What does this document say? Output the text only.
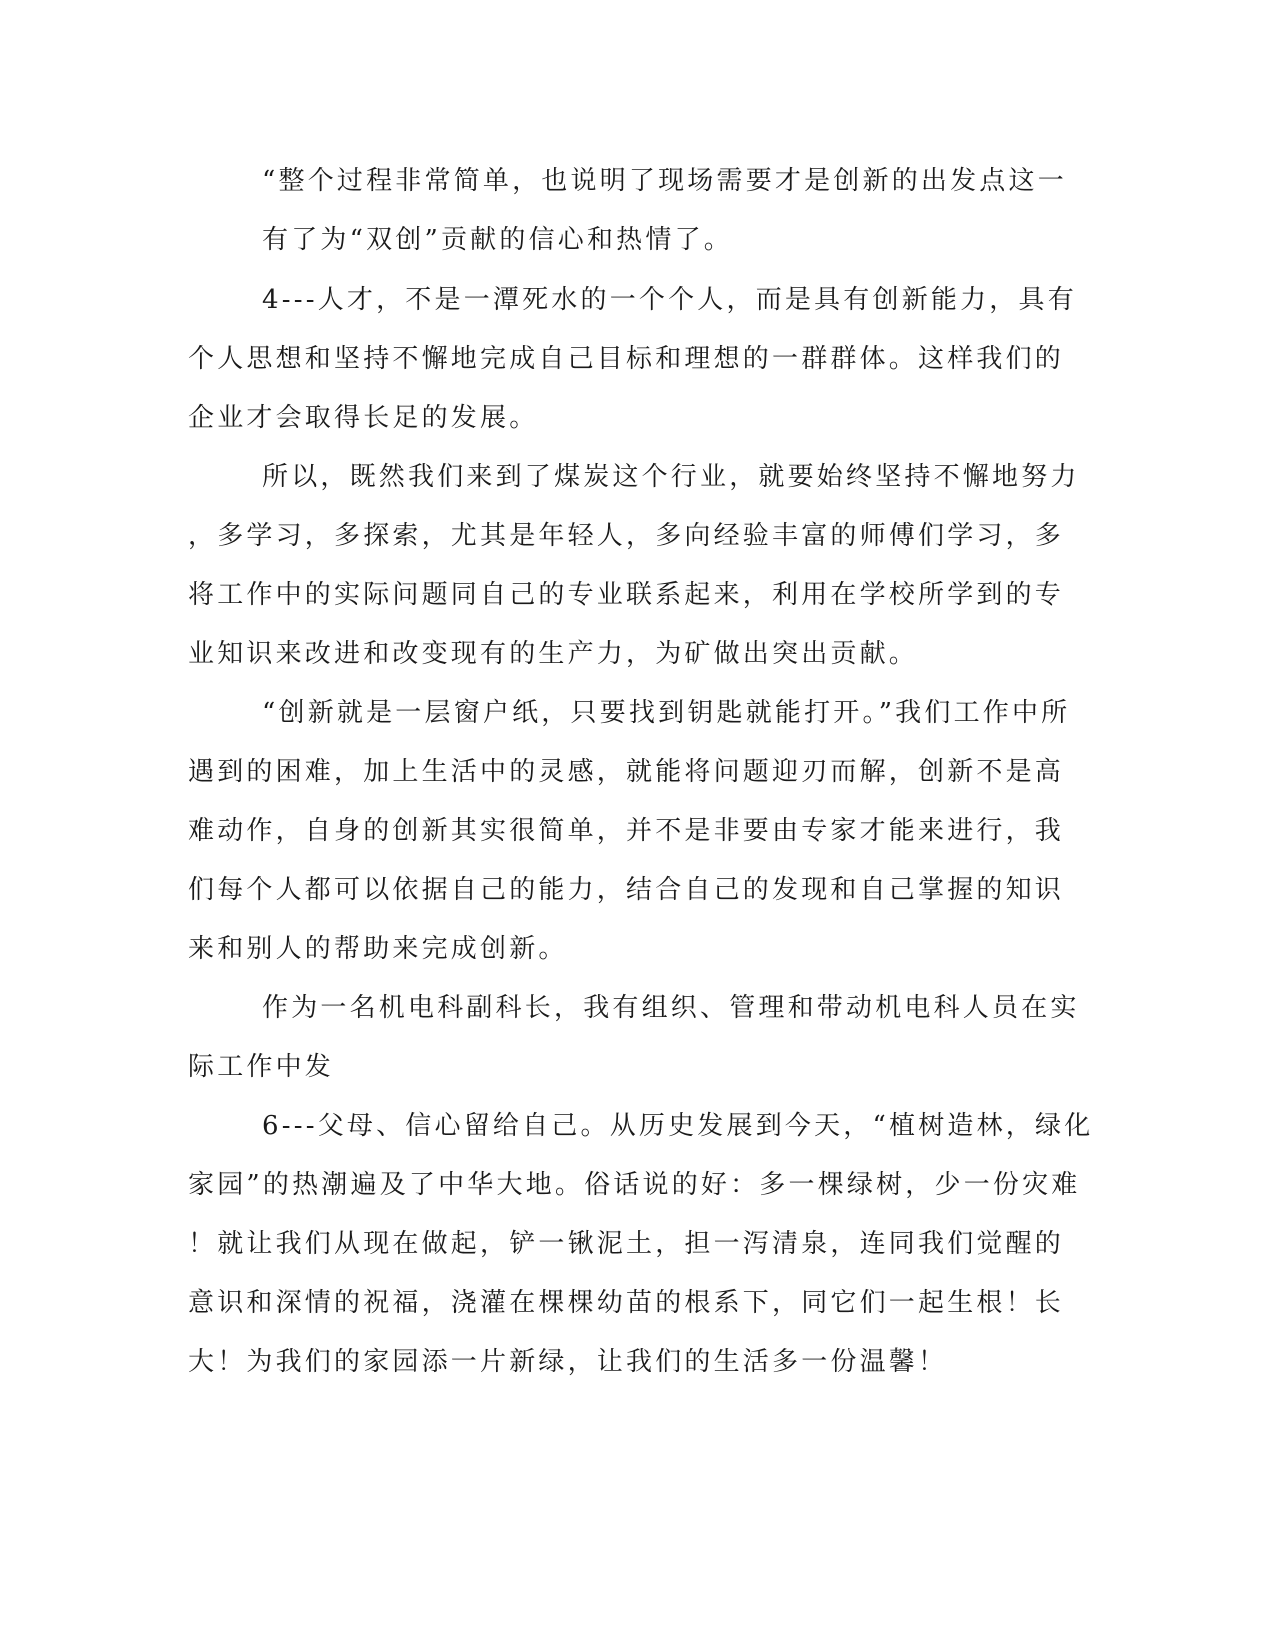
“整个过程非常简单，也说明了现场需要才是创新的出发点这一
有了为“双创”贡献的信心和热情了。
4---人才，不是一潭死水的一个个人，而是具有创新能力，具有
个人思想和坚持不懈地完成自己目标和理想的一群群体。这样我们的
企业才会取得长足的发展。
所以，既然我们来到了煤炭这个行业，就要始终坚持不懈地努力
，多学习，多探索，尤其是年轻人，多向经验丰富的师傅们学习，多
将工作中的实际问题同自己的专业联系起来，利用在学校所学到的专
业知识来改进和改变现有的生产力，为矿做出突出贡献。
“创新就是一层窗户纸，只要找到钥匙就能打开。”我们工作中所
遇到的困难，加上生活中的灵感，就能将问题迎刃而解，创新不是高
难动作，自身的创新其实很简单，并不是非要由专家才能来进行，我
们每个人都可以依据自己的能力，结合自己的发现和自己掌握的知识
来和别人的帮助来完成创新。
作为一名机电科副科长，我有组织、管理和带动机电科人员在实
际工作中发
6---父母、信心留给自己。从历史发展到今天，“植树造林，绿化
家园”的热潮遍及了中华大地。俗话说的好：多一棵绿树，少一份灾难
！就让我们从现在做起，铲一锹泥土，担一泻清泉，连同我们觉醒的
意识和深情的祝福，浇灌在棵棵幼苗的根系下，同它们一起生根！长
大！为我们的家园添一片新绿，让我们的生活多一份温馨！
